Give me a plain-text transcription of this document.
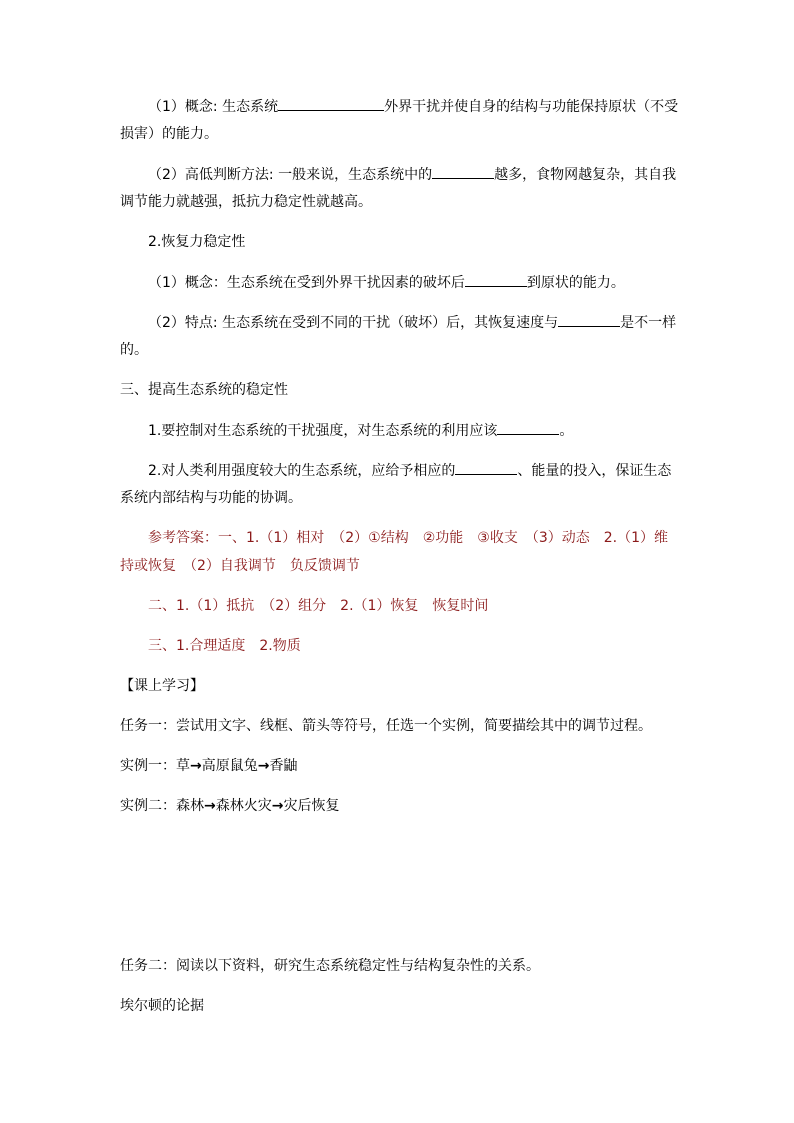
（1）概念: 生态系统	外界干扰并使自身的结构与功能保持原状（不受
损害）的能力。
（2）高低判断方法: 一般来说，生态系统中的	越多，食物网越复杂，其自我
调节能力就越强，抵抗力稳定性就越高。
2.恢复力稳定性
（1）概念：生态系统在受到外界干扰因素的破坏后	到原状的能力。
（2）特点: 生态系统在受到不同的干扰（破坏）后，其恢复速度与	是不一样
的。
三、提高生态系统的稳定性
1.要控制对生态系统的干扰强度，对生态系统的利用应该	。
2.对人类利用强度较大的生态系统，应给予相应的	、能量的投入，保证生态
系统内部结构与功能的协调。
参考答案：一、1.（1）相对　（2）①结构　②功能　③收支　（3）动态　2.（1）维
持或恢复　（2）自我调节　负反馈调节
二、1.（1）抵抗　（2）组分　2.（1）恢复　恢复时间
三、1.合理适度　2.物质
【课上学习】
任务一：尝试用文字、线框、箭头等符号，任选一个实例，简要描绘其中的调节过程。
实例一：草→高原鼠兔→香鼬
实例二：森林→森林火灾→灾后恢复
任务二：阅读以下资料，研究生态系统稳定性与结构复杂性的关系。
埃尔顿的论据
